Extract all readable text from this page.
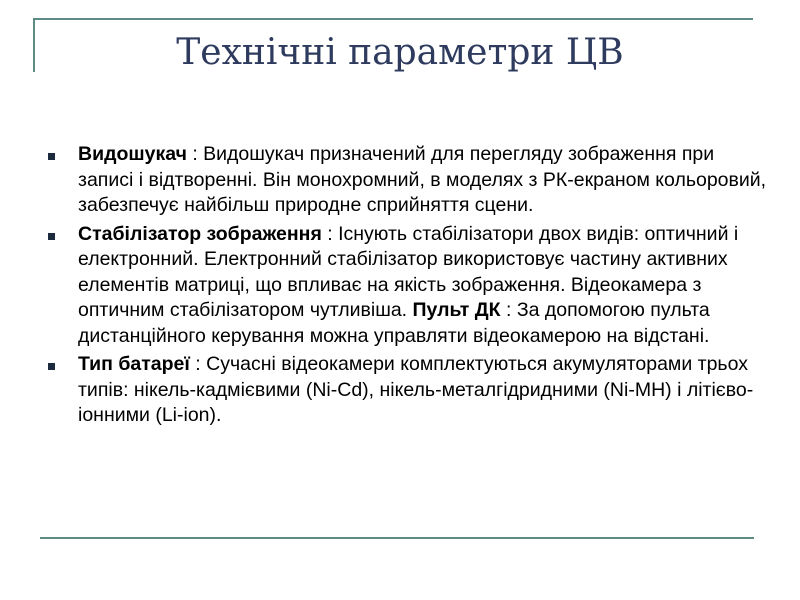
Технічні параметри ЦВ
Видошукач : Видошукач призначений для перегляду зображення при записі і відтворенні. Він монохромний, в моделях з РК-екраном кольоровий, забезпечує найбільш природне сприйняття сцени.
Стабілізатор зображення : Існують стабілізатори двох видів: оптичний і електронний. Електронний стабілізатор використовує частину активних елементів матриці, що впливає на якість зображення. Відеокамера з оптичним стабілізатором чутливіша. Пульт ДК : За допомогою пульта дистанційного керування можна управляти відеокамерою на відстані.
Тип батареї : Сучасні відеокамери комплектуються акумуляторами трьох типів: нікель-кадмієвими (Ni-Cd), нікель-металгідридними (Ni-MH) і літієво-іонними (Li-ion).
